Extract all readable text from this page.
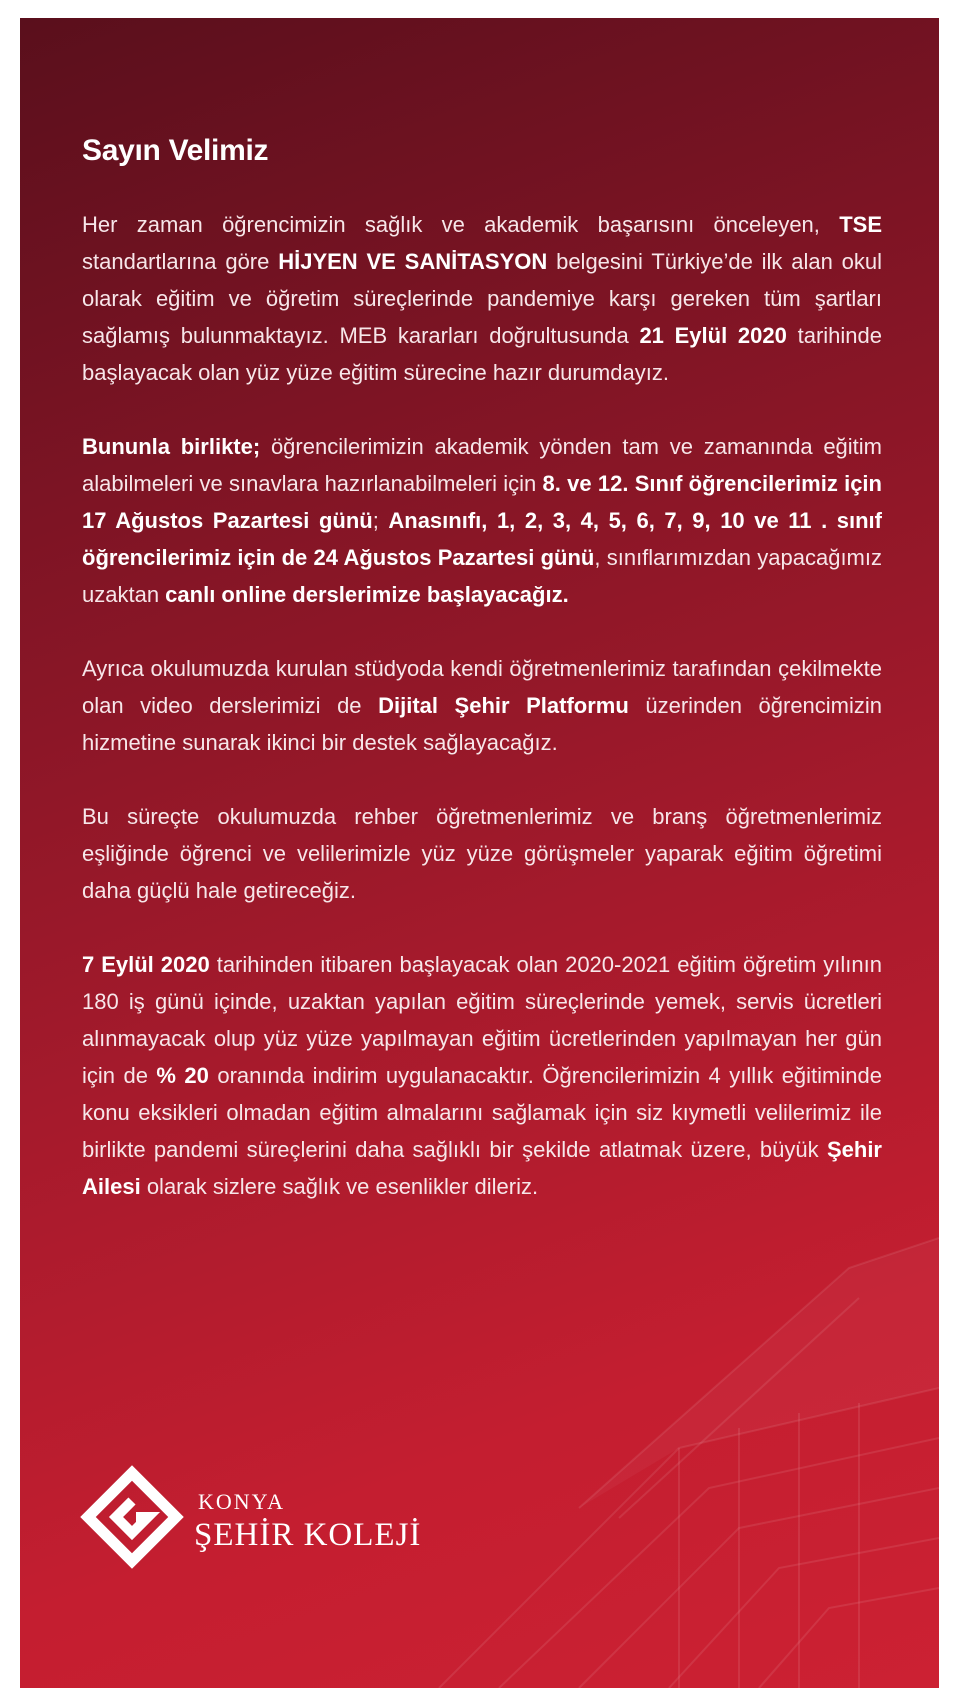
Sayın Velimiz

Her zaman öğrencimizin sağlık ve akademik başarısını önceleyen, TSE standartlarına göre HİJYEN VE SANİTASYON belgesini Türkiye’de ilk alan okul olarak eğitim ve öğretim süreçlerinde pandemiye karşı gereken tüm şartları sağlamış bulunmaktayız. MEB kararları doğrultusunda 21 Eylül 2020 tarihinde başlayacak olan yüz yüze eğitim sürecine hazır durumdayız.

Bununla birlikte; öğrencilerimizin akademik yönden tam ve zamanında eğitim alabilmeleri ve sınavlara hazırlanabilmeleri için 8. ve 12. Sınıf öğrencilerimiz için 17 Ağustos Pazartesi günü; Anasınıfı, 1, 2, 3, 4, 5, 6, 7, 9, 10 ve 11 . sınıf öğrencilerimiz için de 24 Ağustos Pazartesi günü, sınıflarımızdan yapacağımız uzaktan canlı online derslerimize başlayacağız.

Ayrıca okulumuzda kurulan stüdyoda kendi öğretmenlerimiz tarafından çekilmekte olan video derslerimizi de Dijital Şehir Platformu üzerinden öğrencimizin hizmetine sunarak ikinci bir destek sağlayacağız.

Bu süreçte okulumuzda rehber öğretmenlerimiz ve branş öğretmenlerimiz eşliğinde öğrenci ve velilerimizle yüz yüze görüşmeler yaparak eğitim öğretimi daha güçlü hale getireceğiz.

7 Eylül 2020 tarihinden itibaren başlayacak olan 2020-2021 eğitim öğretim yılının 180 iş günü içinde, uzaktan yapılan eğitim süreçlerinde yemek, servis ücretleri alınmayacak olup yüz yüze yapılmayan eğitim ücretlerinden yapılmayan her gün için de % 20 oranında indirim uygulanacaktır. Öğrencilerimizin 4 yıllık eğitiminde konu eksikleri olmadan eğitim almalarını sağlamak için siz kıymetli velilerimiz ile birlikte pandemi süreçlerini daha sağlıklı bir şekilde atlatmak üzere, büyük Şehir Ailesi olarak sizlere sağlık ve esenlikler dileriz.

KONYA
ŞEHİR KOLEJİ
